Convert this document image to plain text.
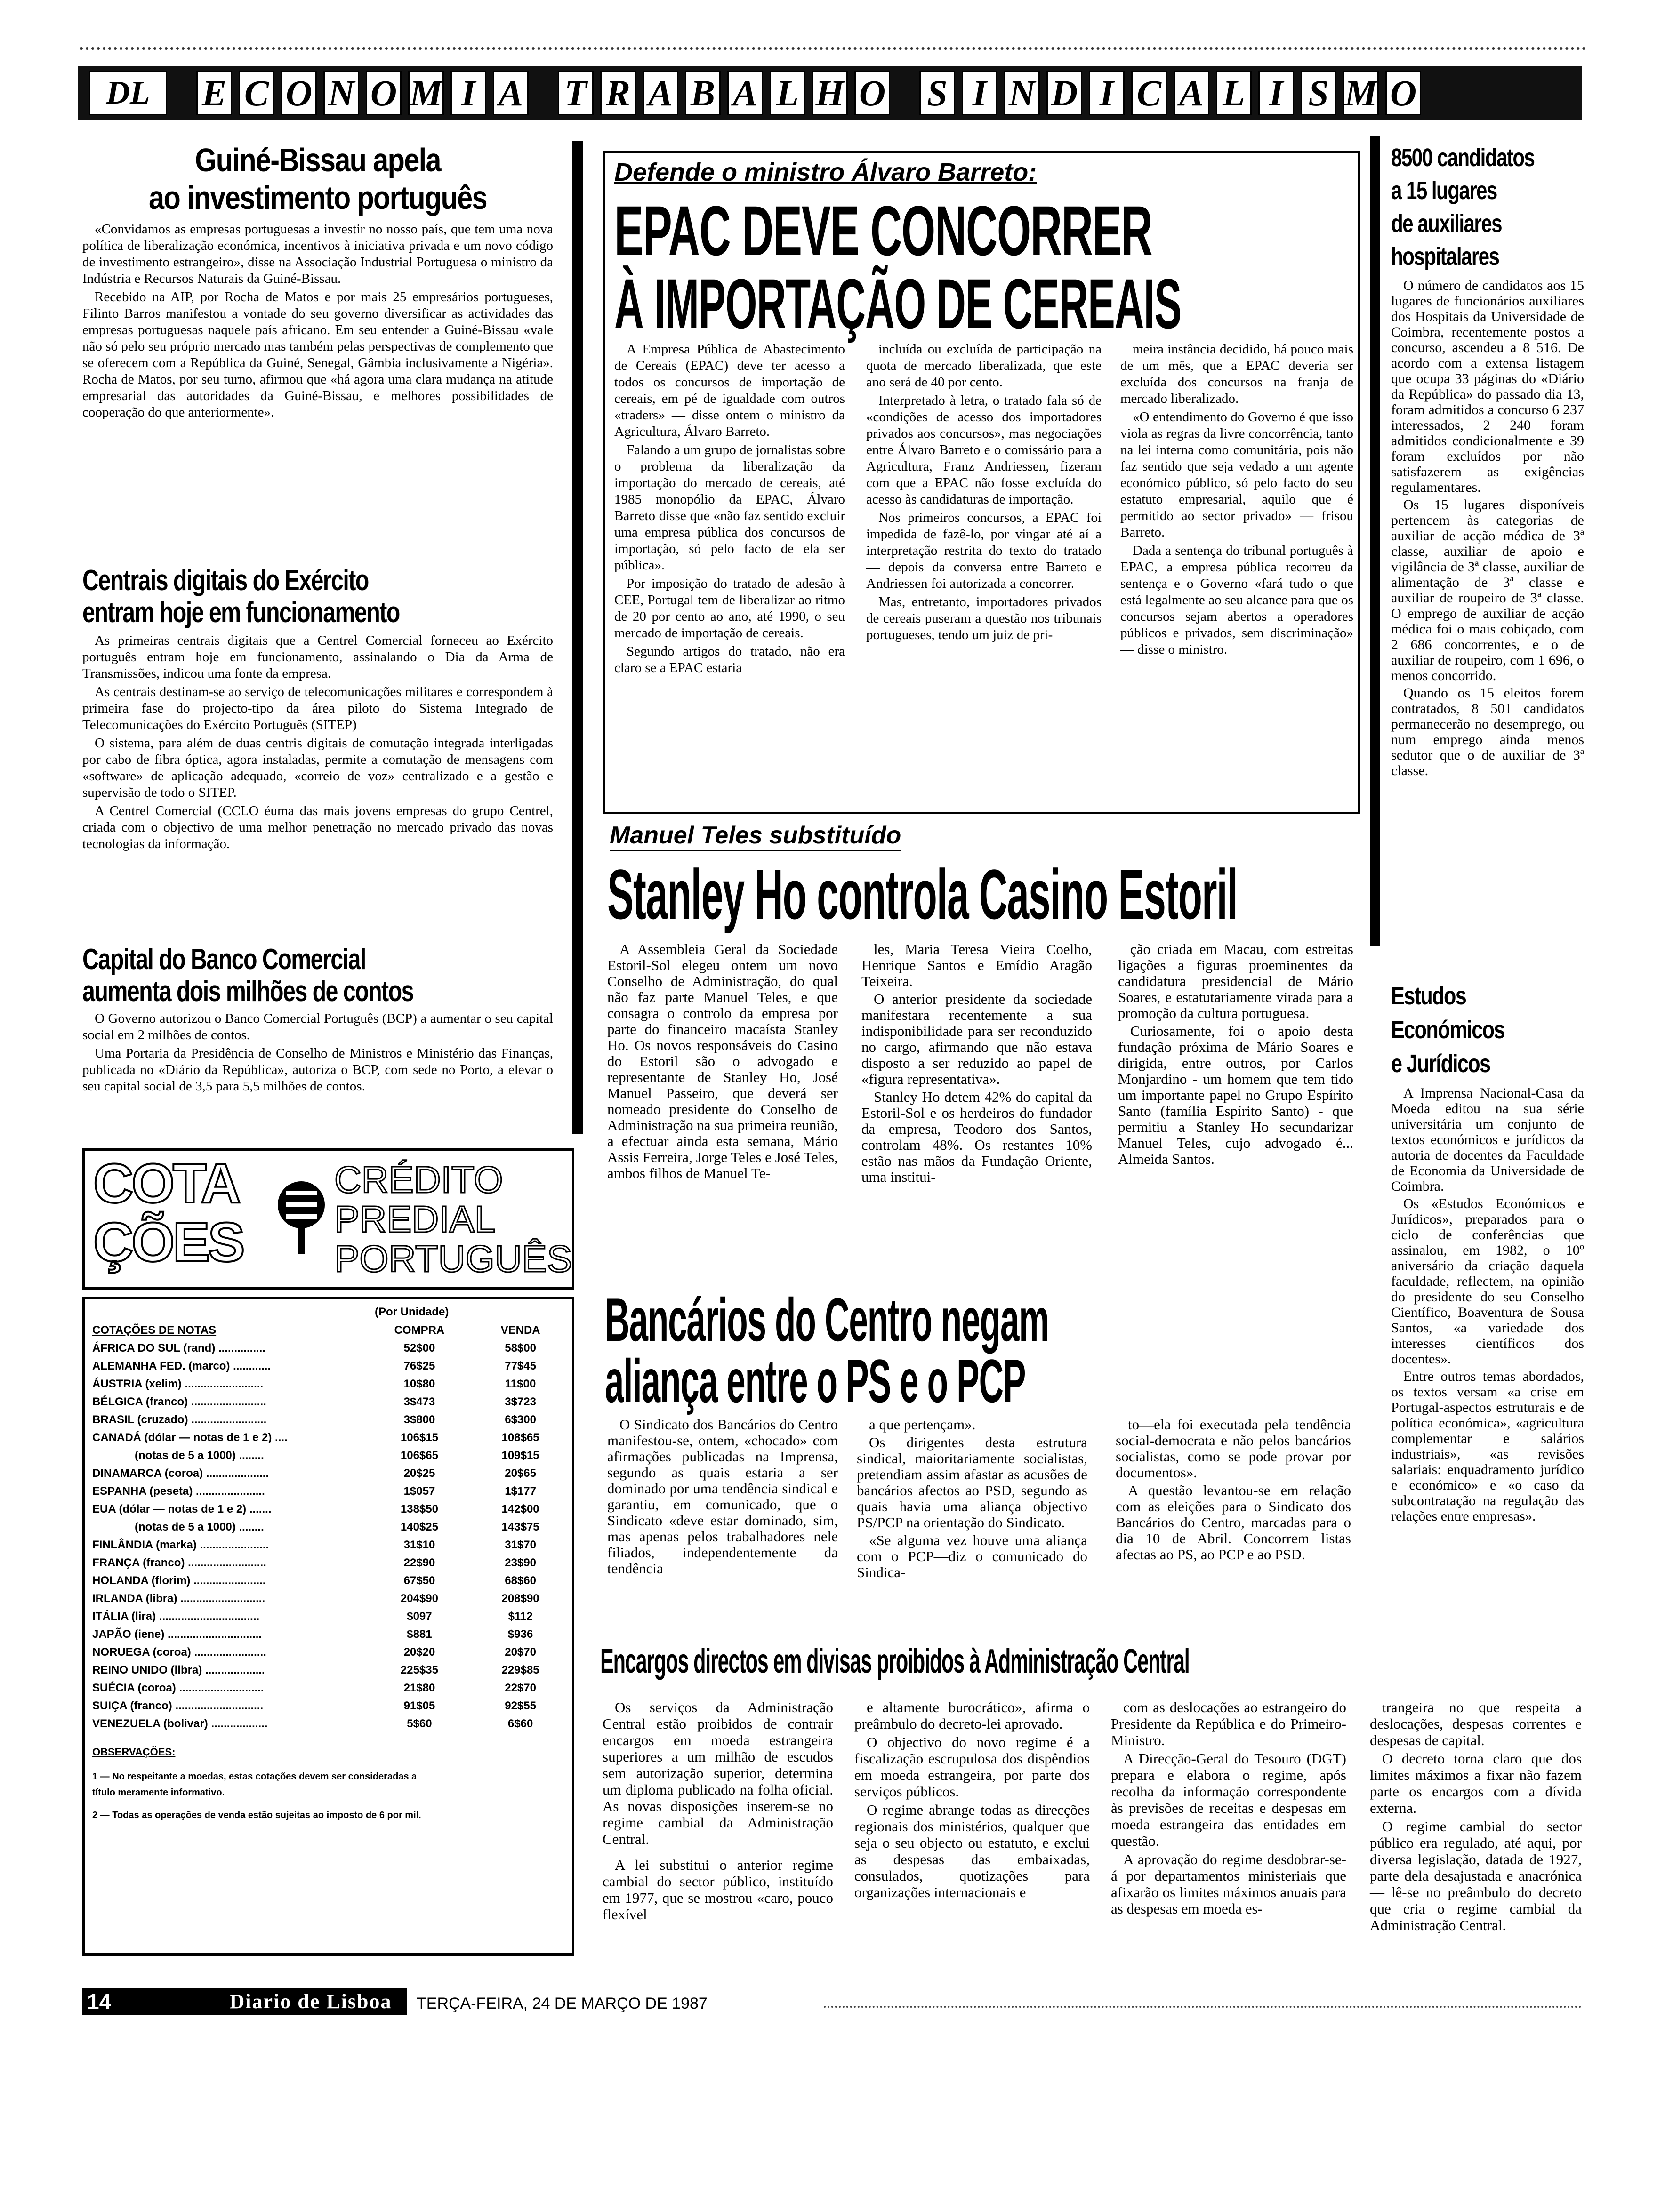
DL	E C O N O M I A T R A B A L H O S I N D I C A L I S M O
Guiné-Bissau apela
ao investimento português

«Convidamos as empresas portuguesas a investir no nosso país, que tem uma nova política de liberalização económica, incentivos à iniciativa privada e um novo código de investimento estrangeiro», disse na Associação Industrial Portuguesa o ministro da Indústria e Recursos Naturais da Guiné-Bissau.

Recebido na AIP, por Rocha de Matos e por mais 25 empresários portugueses, Filinto Barros manifestou a vontade do seu governo diversificar as actividades das empresas portuguesas naquele país africano. Em seu entender a Guiné-Bissau «vale não só pelo seu próprio mercado mas também pelas perspectivas de complemento que se oferecem com a República da Guiné, Senegal, Gâmbia inclusivamente a Nigéria». Rocha de Matos, por seu turno, afirmou que «há agora uma clara mudança na atitude empresarial das autoridades da Guiné-Bissau, e melhores possibilidades de cooperação do que anteriormente».

Centrais digitais do Exército
entram hoje em funcionamento

As primeiras centrais digitais que a Centrel Comercial forneceu ao Exército português entram hoje em funcionamento, assinalando o Dia da Arma de Transmissões, indicou uma fonte da empresa.

As centrais destinam-se ao serviço de telecomunicações militares e correspondem à primeira fase do projecto-tipo da área piloto do Sistema Integrado de Telecomunicações do Exército Português (SITEP)

O sistema, para além de duas centris digitais de comutação integrada interligadas por cabo de fibra óptica, agora instaladas, permite a comutação de mensagens com «software» de aplicação adequado, «correio de voz» centralizado e a gestão e supervisão de todo o SITEP.

A Centrel Comercial (CCLO éuma das mais jovens empresas do grupo Centrel, criada com o objectivo de uma melhor penetração no mercado privado das novas tecnologias da informação.

Capital do Banco Comercial
aumenta dois milhões de contos

O Governo autorizou o Banco Comercial Português (BCP) a aumentar o seu capital social em 2 milhões de contos.

Uma Portaria da Presidência de Conselho de Ministros e Ministério das Finanças, publicada no «Diário da República», autoriza o BCP, com sede no Porto, a elevar o seu capital social de 3,5 para 5,5 milhões de contos.

COTA
ÇÕES
CRÉDITO
PREDIAL
PORTUGUÊS
(Por Unidade)
COTAÇÕES DE NOTAS	COMPRA	VENDA
ÁFRICA DO SUL (rand) ...............	52$00	58$00
ALEMANHA FED. (marco) ............	76$25	77$45
ÁUSTRIA (xelim) .........................	10$80	11$00
BÉLGICA (franco) ........................	3$473	3$723
BRASIL (cruzado) ........................	3$800	6$300
CANADÁ (dólar — notas de 1 e 2) ....	106$15	108$65
(notas de 5 a 1000) ........	106$65	109$15
DINAMARCA (coroa) ....................	20$25	20$65
ESPANHA (peseta) ......................	1$057	1$177
EUA (dólar — notas de 1 e 2) .......	138$50	142$00
(notas de 5 a 1000) ........	140$25	143$75
FINLÂNDIA (marka) ......................	31$10	31$70
FRANÇA (franco) .........................	22$90	23$90
HOLANDA (florim) .......................	67$50	68$60
IRLANDA (libra) ...........................	204$90	208$90
ITÁLIA (lira) ................................	$097	$112
JAPÃO (iene) ..............................	$881	$936
NORUEGA (coroa) .......................	20$20	20$70
REINO UNIDO (libra) ...................	225$35	229$85
SUÉCIA (coroa) ...........................	21$80	22$70
SUIÇA (franco) ............................	91$05	92$55
VENEZUELA (bolivar) ..................	5$60	6$60
OBSERVAÇÕES:
1 — No respeitante a moedas, estas cotações devem ser consideradas a título meramente informativo.
2 — Todas as operações de venda estão sujeitas ao imposto de 6 por mil.
Defende o ministro Álvaro Barreto:
EPAC DEVE CONCORRER
À IMPORTAÇÃO DE CEREAIS

A Empresa Pública de Abastecimento de Cereais (EPAC) deve ter acesso a todos os concursos de importação de cereais, em pé de igualdade com outros «traders» — disse ontem o ministro da Agricultura, Álvaro Barreto.

Falando a um grupo de jornalistas sobre o problema da liberalização da importação do mercado de cereais, até 1985 monopólio da EPAC, Álvaro Barreto disse que «não faz sentido excluir uma empresa pública dos concursos de importação, só pelo facto de ela ser pública».

Por imposição do tratado de adesão à CEE, Portugal tem de liberalizar ao ritmo de 20 por cento ao ano, até 1990, o seu mercado de importação de cereais.

Segundo artigos do tratado, não era claro se a EPAC estaria

incluída ou excluída de participação na quota de mercado liberalizada, que este ano será de 40 por cento.

Interpretado à letra, o tratado fala só de «condições de acesso dos importadores privados aos concursos», mas negociações entre Álvaro Barreto e o comissário para a Agricultura, Franz Andriessen, fizeram com que a EPAC não fosse excluída do acesso às candidaturas de importação.

Nos primeiros concursos, a EPAC foi impedida de fazê-lo, por vingar até aí a interpretação restrita do texto do tratado — depois da conversa entre Barreto e Andriessen foi autorizada a concorrer.

Mas, entretanto, importadores privados de cereais puseram a questão nos tribunais portugueses, tendo um juiz de pri-

meira instância decidido, há pouco mais de um mês, que a EPAC deveria ser excluída dos concursos na franja de mercado liberalizado.

«O entendimento do Governo é que isso viola as regras da livre concorrência, tanto na lei interna como comunitária, pois não faz sentido que seja vedado a um agente económico público, só pelo facto do seu estatuto empresarial, aquilo que é permitido ao sector privado» — frisou Barreto.

Dada a sentença do tribunal português à EPAC, a empresa pública recorreu da sentença e o Governo «fará tudo o que está legalmente ao seu alcance para que os concursos sejam abertos a operadores públicos e privados, sem discriminação» — disse o ministro.

8500 candidatos
a 15 lugares
de auxiliares
hospitalares

O número de candidatos aos 15 lugares de funcionários auxiliares dos Hospitais da Universidade de Coimbra, recentemente postos a concurso, ascendeu a 8 516. De acordo com a extensa listagem que ocupa 33 páginas do «Diário da República» do passado dia 13, foram admitidos a concurso 6 237 interessados, 2 240 foram admitidos condicionalmente e 39 foram excluídos por não satisfazerem as exigências regulamentares.

Os 15 lugares disponíveis pertencem às categorias de auxiliar de acção médica de 3ª classe, auxiliar de apoio e vigilância de 3ª classe, auxiliar de alimentação de 3ª classe e auxiliar de roupeiro de 3ª classe. O emprego de auxiliar de acção médica foi o mais cobiçado, com 2 686 concorrentes, e o de auxiliar de roupeiro, com 1 696, o menos concorrido.

Quando os 15 eleitos forem contratados, 8 501 candidatos permanecerão no desemprego, ou num emprego ainda menos sedutor que o de auxiliar de 3ª classe.

Estudos
Económicos
e Jurídicos

A Imprensa Nacional-Casa da Moeda editou na sua série universitária um conjunto de textos económicos e jurídicos da autoria de docentes da Faculdade de Economia da Universidade de Coimbra.

Os «Estudos Económicos e Jurídicos», preparados para o ciclo de conferências que assinalou, em 1982, o 10º aniversário da criação daquela faculdade, reflectem, na opinião do presidente do seu Conselho Científico, Boaventura de Sousa Santos, «a variedade dos interesses científicos dos docentes».

Entre outros temas abordados, os textos versam «a crise em Portugal-aspectos estruturais e de política económica», «agricultura complementar e salários industriais», «as revisões salariais: enquadramento jurídico e económico» e «o caso da subcontratação na regulação das relações entre empresas».

Manuel Teles substituído
Stanley Ho controla Casino Estoril

A Assembleia Geral da Sociedade Estoril-Sol elegeu ontem um novo Conselho de Administração, do qual não faz parte Manuel Teles, e que consagra o controlo da empresa por parte do financeiro macaísta Stanley Ho. Os novos responsáveis do Casino do Estoril são o advogado e representante de Stanley Ho, José Manuel Passeiro, que deverá ser nomeado presidente do Conselho de Administração na sua primeira reunião, a efectuar ainda esta semana, Mário Assis Ferreira, Jorge Teles e José Teles, ambos filhos de Manuel Te-

les, Maria Teresa Vieira Coelho, Henrique Santos e Emídio Aragão Teixeira.

O anterior presidente da sociedade manifestara recentemente a sua indisponibilidade para ser reconduzido no cargo, afirmando que não estava disposto a ser reduzido ao papel de «figura representativa».

Stanley Ho detem 42% do capital da Estoril-Sol e os herdeiros do fundador da empresa, Teodoro dos Santos, controlam 48%. Os restantes 10% estão nas mãos da Fundação Oriente, uma institui-

ção criada em Macau, com estreitas ligações a figuras proeminentes da candidatura presidencial de Mário Soares, e estatutariamente virada para a promoção da cultura portuguesa.

Curiosamente, foi o apoio desta fundação próxima de Mário Soares e dirigida, entre outros, por Carlos Monjardino - um homem que tem tido um importante papel no Grupo Espírito Santo (família Espírito Santo) - que permitiu a Stanley Ho secundarizar Manuel Teles, cujo advogado é... Almeida Santos.

Bancários do Centro negam
aliança entre o PS e o PCP

O Sindicato dos Bancários do Centro manifestou-se, ontem, «chocado» com afirmações publicadas na Imprensa, segundo as quais estaria a ser dominado por uma tendência sindical e garantiu, em comunicado, que o Sindicato «deve estar dominado, sim, mas apenas pelos trabalhadores nele filiados, independentemente da tendência

a que pertençam».

Os dirigentes desta estrutura sindical, maioritariamente socialistas, pretendiam assim afastar as acusões de bancários afectos ao PSD, segundo as quais havia uma aliança objectivo PS/PCP na orientação do Sindicato.

«Se alguma vez houve uma aliança com o PCP—diz o comunicado do Sindica-

to—ela foi executada pela tendência social-democrata e não pelos bancários socialistas, como se pode provar por documentos».

A questão levantou-se em relação com as eleições para o Sindicato dos Bancários do Centro, marcadas para o dia 10 de Abril. Concorrem listas afectas ao PS, ao PCP e ao PSD.

Encargos directos em divisas proibidos à Administração Central

Os serviços da Administração Central estão proibidos de contrair encargos em moeda estrangeira superiores a um milhão de escudos sem autorização superior, determina um diploma publicado na folha oficial. As novas disposições inserem-se no regime cambial da Administração Central.

A lei substitui o anterior regime cambial do sector público, instituído em 1977, que se mostrou «caro, pouco flexível

e altamente burocrático», afirma o preâmbulo do decreto-lei aprovado.

O objectivo do novo regime é a fiscalização escrupulosa dos dispêndios em moeda estrangeira, por parte dos serviços públicos.

O regime abrange todas as direcções regionais dos ministérios, qualquer que seja o seu objecto ou estatuto, e exclui as despesas das embaixadas, consulados, quotizações para organizações internacionais e

com as deslocações ao estrangeiro do Presidente da República e do Primeiro-Ministro.

A Direcção-Geral do Tesouro (DGT) prepara e elabora o regime, após recolha da informação correspondente às previsões de receitas e despesas em moeda estrangeira das entidades em questão.

A aprovação do regime desdobrar-se-á por departamentos ministeriais que afixarão os limites máximos anuais para as despesas em moeda es-

trangeira no que respeita a deslocações, despesas correntes e despesas de capital.

O decreto torna claro que dos limites máximos a fixar não fazem parte os encargos com a dívida externa.

O regime cambial do sector público era regulado, até aqui, por diversa legislação, datada de 1927, parte dela desajustada e anacrónica — lê-se no preâmbulo do decreto que cria o regime cambial da Administração Central.

14	Diario de Lisboa	TERÇA-FEIRA, 24 DE MARÇO DE 1987
